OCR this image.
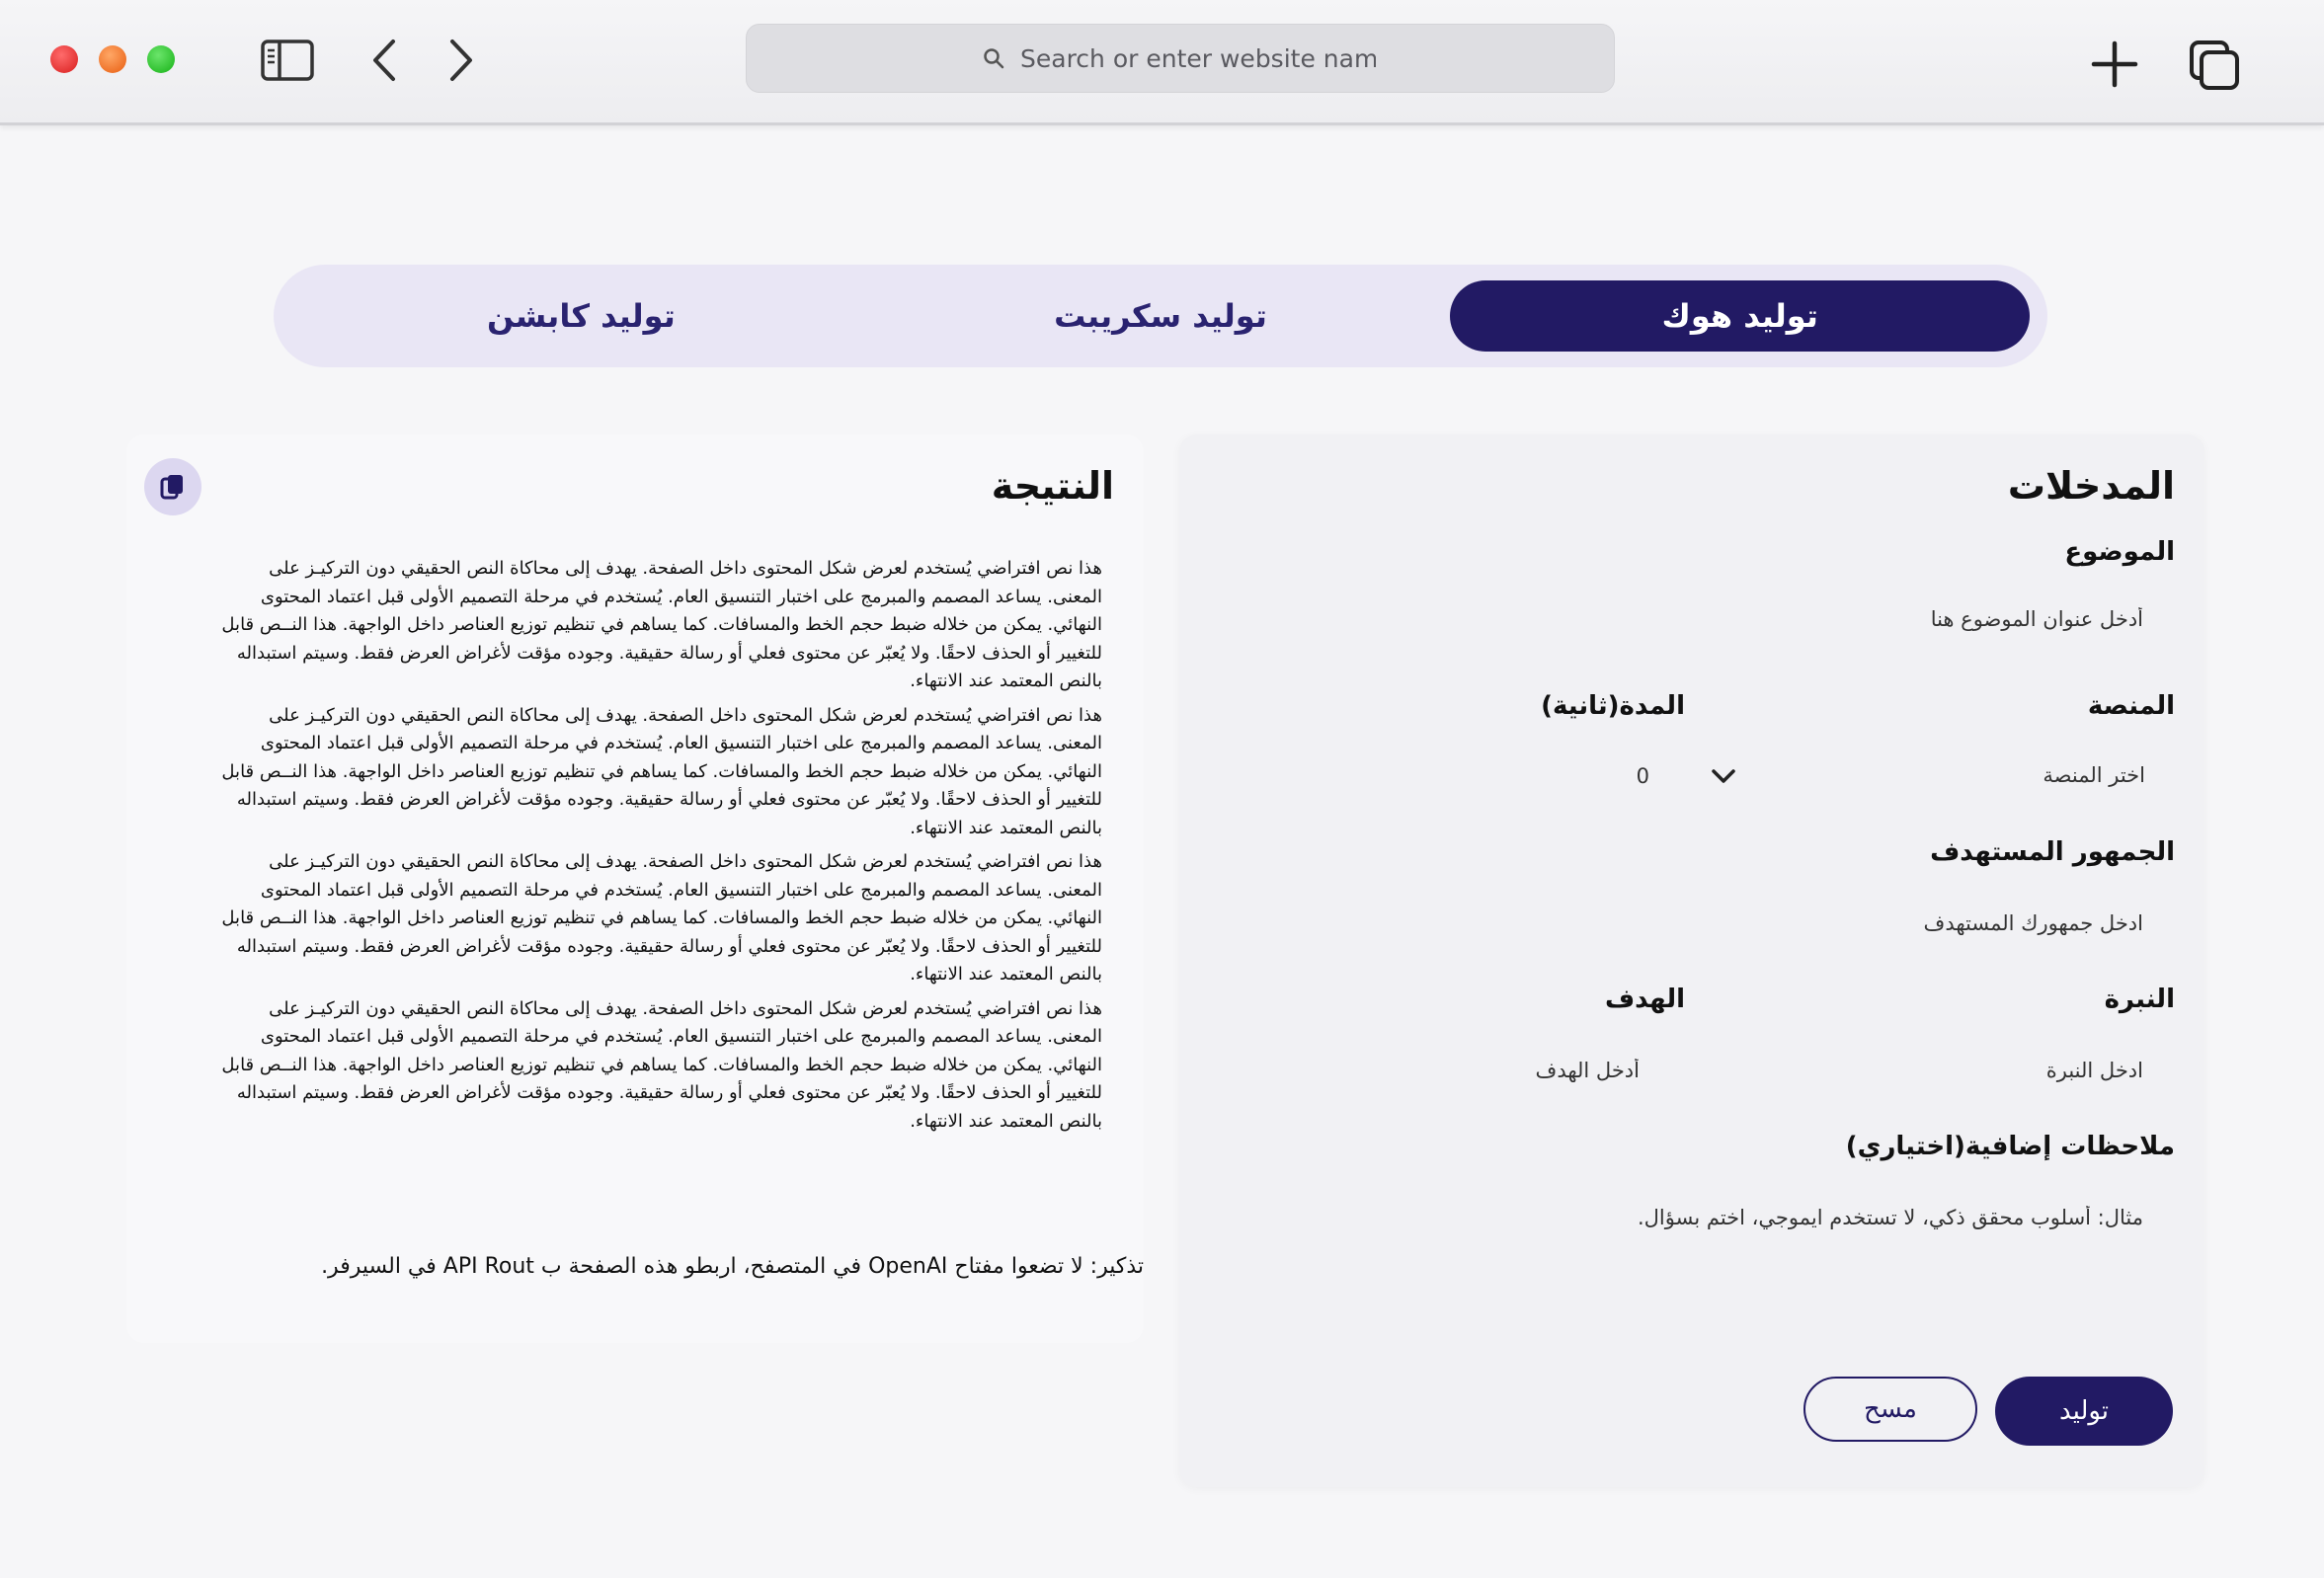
Search or enter website name
توليد هوك
توليد سكريبت
توليد كابشن
المدخلات
الموضوع
أدخل عنوان الموضوع هنا
المنصة
اختر المنصة
المدة(ثانية)
0
الجمهور المستهدف
ادخل جمهورك المستهدف
النبرة
ادخل النبرة
الهدف
أدخل الهدف
ملاحظات إضافية(اختياري)
مثال: أسلوب محقق ذكي، لا تستخدم ايموجي، اختم بسؤال.
توليد
مسح
النتيجة

هذا نص افتراضي يُستخدم لعرض شكل المحتوى داخل الصفحة. يهدف إلى محاكاة النص الحقيقي دون التركيـز على المعنى. يساعد المصمم والمبرمج على اختبار التنسيق العام. يُستخدم في مرحلة التصميم الأولى قبل اعتماد المحتوى النهائي. يمكن من خلاله ضبط حجم الخط والمسافات. كما يساهم في تنظيم توزيع العناصر داخل الواجهة. هذا النــص قابل للتغيير أو الحذف لاحقًا. ولا يُعبّر عن محتوى فعلي أو رسالة حقيقية. وجوده مؤقت لأغراض العرض فقط. وسيتم استبداله بالنص المعتمد عند الانتهاء.

هذا نص افتراضي يُستخدم لعرض شكل المحتوى داخل الصفحة. يهدف إلى محاكاة النص الحقيقي دون التركيـز على المعنى. يساعد المصمم والمبرمج على اختبار التنسيق العام. يُستخدم في مرحلة التصميم الأولى قبل اعتماد المحتوى النهائي. يمكن من خلاله ضبط حجم الخط والمسافات. كما يساهم في تنظيم توزيع العناصر داخل الواجهة. هذا النــص قابل للتغيير أو الحذف لاحقًا. ولا يُعبّر عن محتوى فعلي أو رسالة حقيقية. وجوده مؤقت لأغراض العرض فقط. وسيتم استبداله بالنص المعتمد عند الانتهاء.

هذا نص افتراضي يُستخدم لعرض شكل المحتوى داخل الصفحة. يهدف إلى محاكاة النص الحقيقي دون التركيـز على المعنى. يساعد المصمم والمبرمج على اختبار التنسيق العام. يُستخدم في مرحلة التصميم الأولى قبل اعتماد المحتوى النهائي. يمكن من خلاله ضبط حجم الخط والمسافات. كما يساهم في تنظيم توزيع العناصر داخل الواجهة. هذا النــص قابل للتغيير أو الحذف لاحقًا. ولا يُعبّر عن محتوى فعلي أو رسالة حقيقية. وجوده مؤقت لأغراض العرض فقط. وسيتم استبداله بالنص المعتمد عند الانتهاء.

هذا نص افتراضي يُستخدم لعرض شكل المحتوى داخل الصفحة. يهدف إلى محاكاة النص الحقيقي دون التركيـز على المعنى. يساعد المصمم والمبرمج على اختبار التنسيق العام. يُستخدم في مرحلة التصميم الأولى قبل اعتماد المحتوى النهائي. يمكن من خلاله ضبط حجم الخط والمسافات. كما يساهم في تنظيم توزيع العناصر داخل الواجهة. هذا النــص قابل للتغيير أو الحذف لاحقًا. ولا يُعبّر عن محتوى فعلي أو رسالة حقيقية. وجوده مؤقت لأغراض العرض فقط. وسيتم استبداله بالنص المعتمد عند الانتهاء.

تذكير: لا تضعوا مفتاح OpenAI في المتصفح، اربطو هذه الصفحة ب API Rout في السيرفر.
